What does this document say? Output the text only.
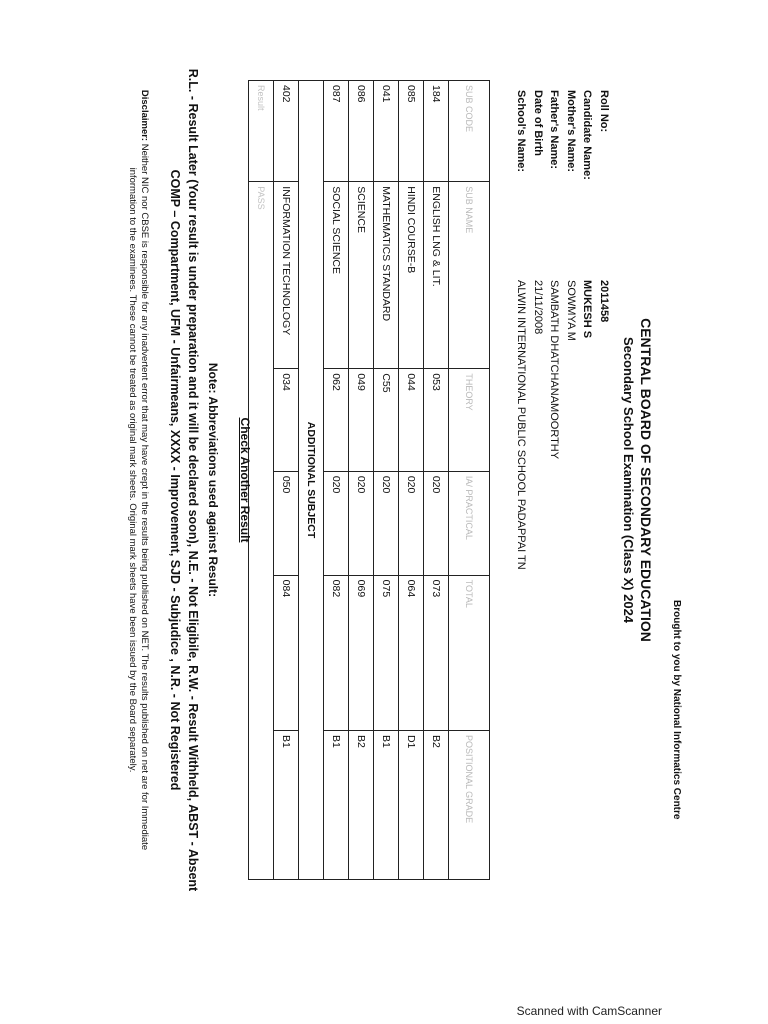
Brought to you by National Informatics Centre
CENTRAL BOARD OF SECONDARY EDUCATION
Secondary School Examination (Class X) 2024
Roll No:
2011458
Candidate Name:
MUKESH S
Mother's Name:
SOWMYA M
Father's Name:
SAMBATH DHATCHANAMOORTHY
Date of Birth
21/11/2008
School's Name:
ALWIN INTERNATIONAL PUBLIC SCHOOL PADAPPAI TN
SUB CODE	SUB NAME	THEORY	IA/ PRACTICAL	TOTAL	POSITIONAL GRADE
184	ENGLISH LNG & LIT.	053	020	073	B2
085	HINDI COURSE-B	044	020	064	D1
041	MATHEMATICS STANDARD	C55	020	075	B1
086	SCIENCE	049	020	069	B2
087	SOCIAL SCIENCE	062	020	082	B1
ADDITIONAL SUBJECT					
402	INFORMATION TECHNOLOGY	034	050	084	B1
Result	PASS				
Check Another Result
Note: Abbreviations used against Result:
R.L. - Result Later (Your result is under preparation and it will be declared soon), N.E. - Not Eligibile, R.W. - Result Withheld, ABST - Absent
COMP – Compartment, UFM - Unfairmeans, XXXX - Improvement, SJD - Subjudice , N.R. - Not Registered
Disclaimer: Neither NIC nor CBSE is responsible for any inadvertent error that may have crept in the results being published on NET. The results published on net are for Immediate information to the examinees. These cannot be treated as original mark sheets. Original mark sheets have been issued by the Board separately.
Scanned with CamScanner
